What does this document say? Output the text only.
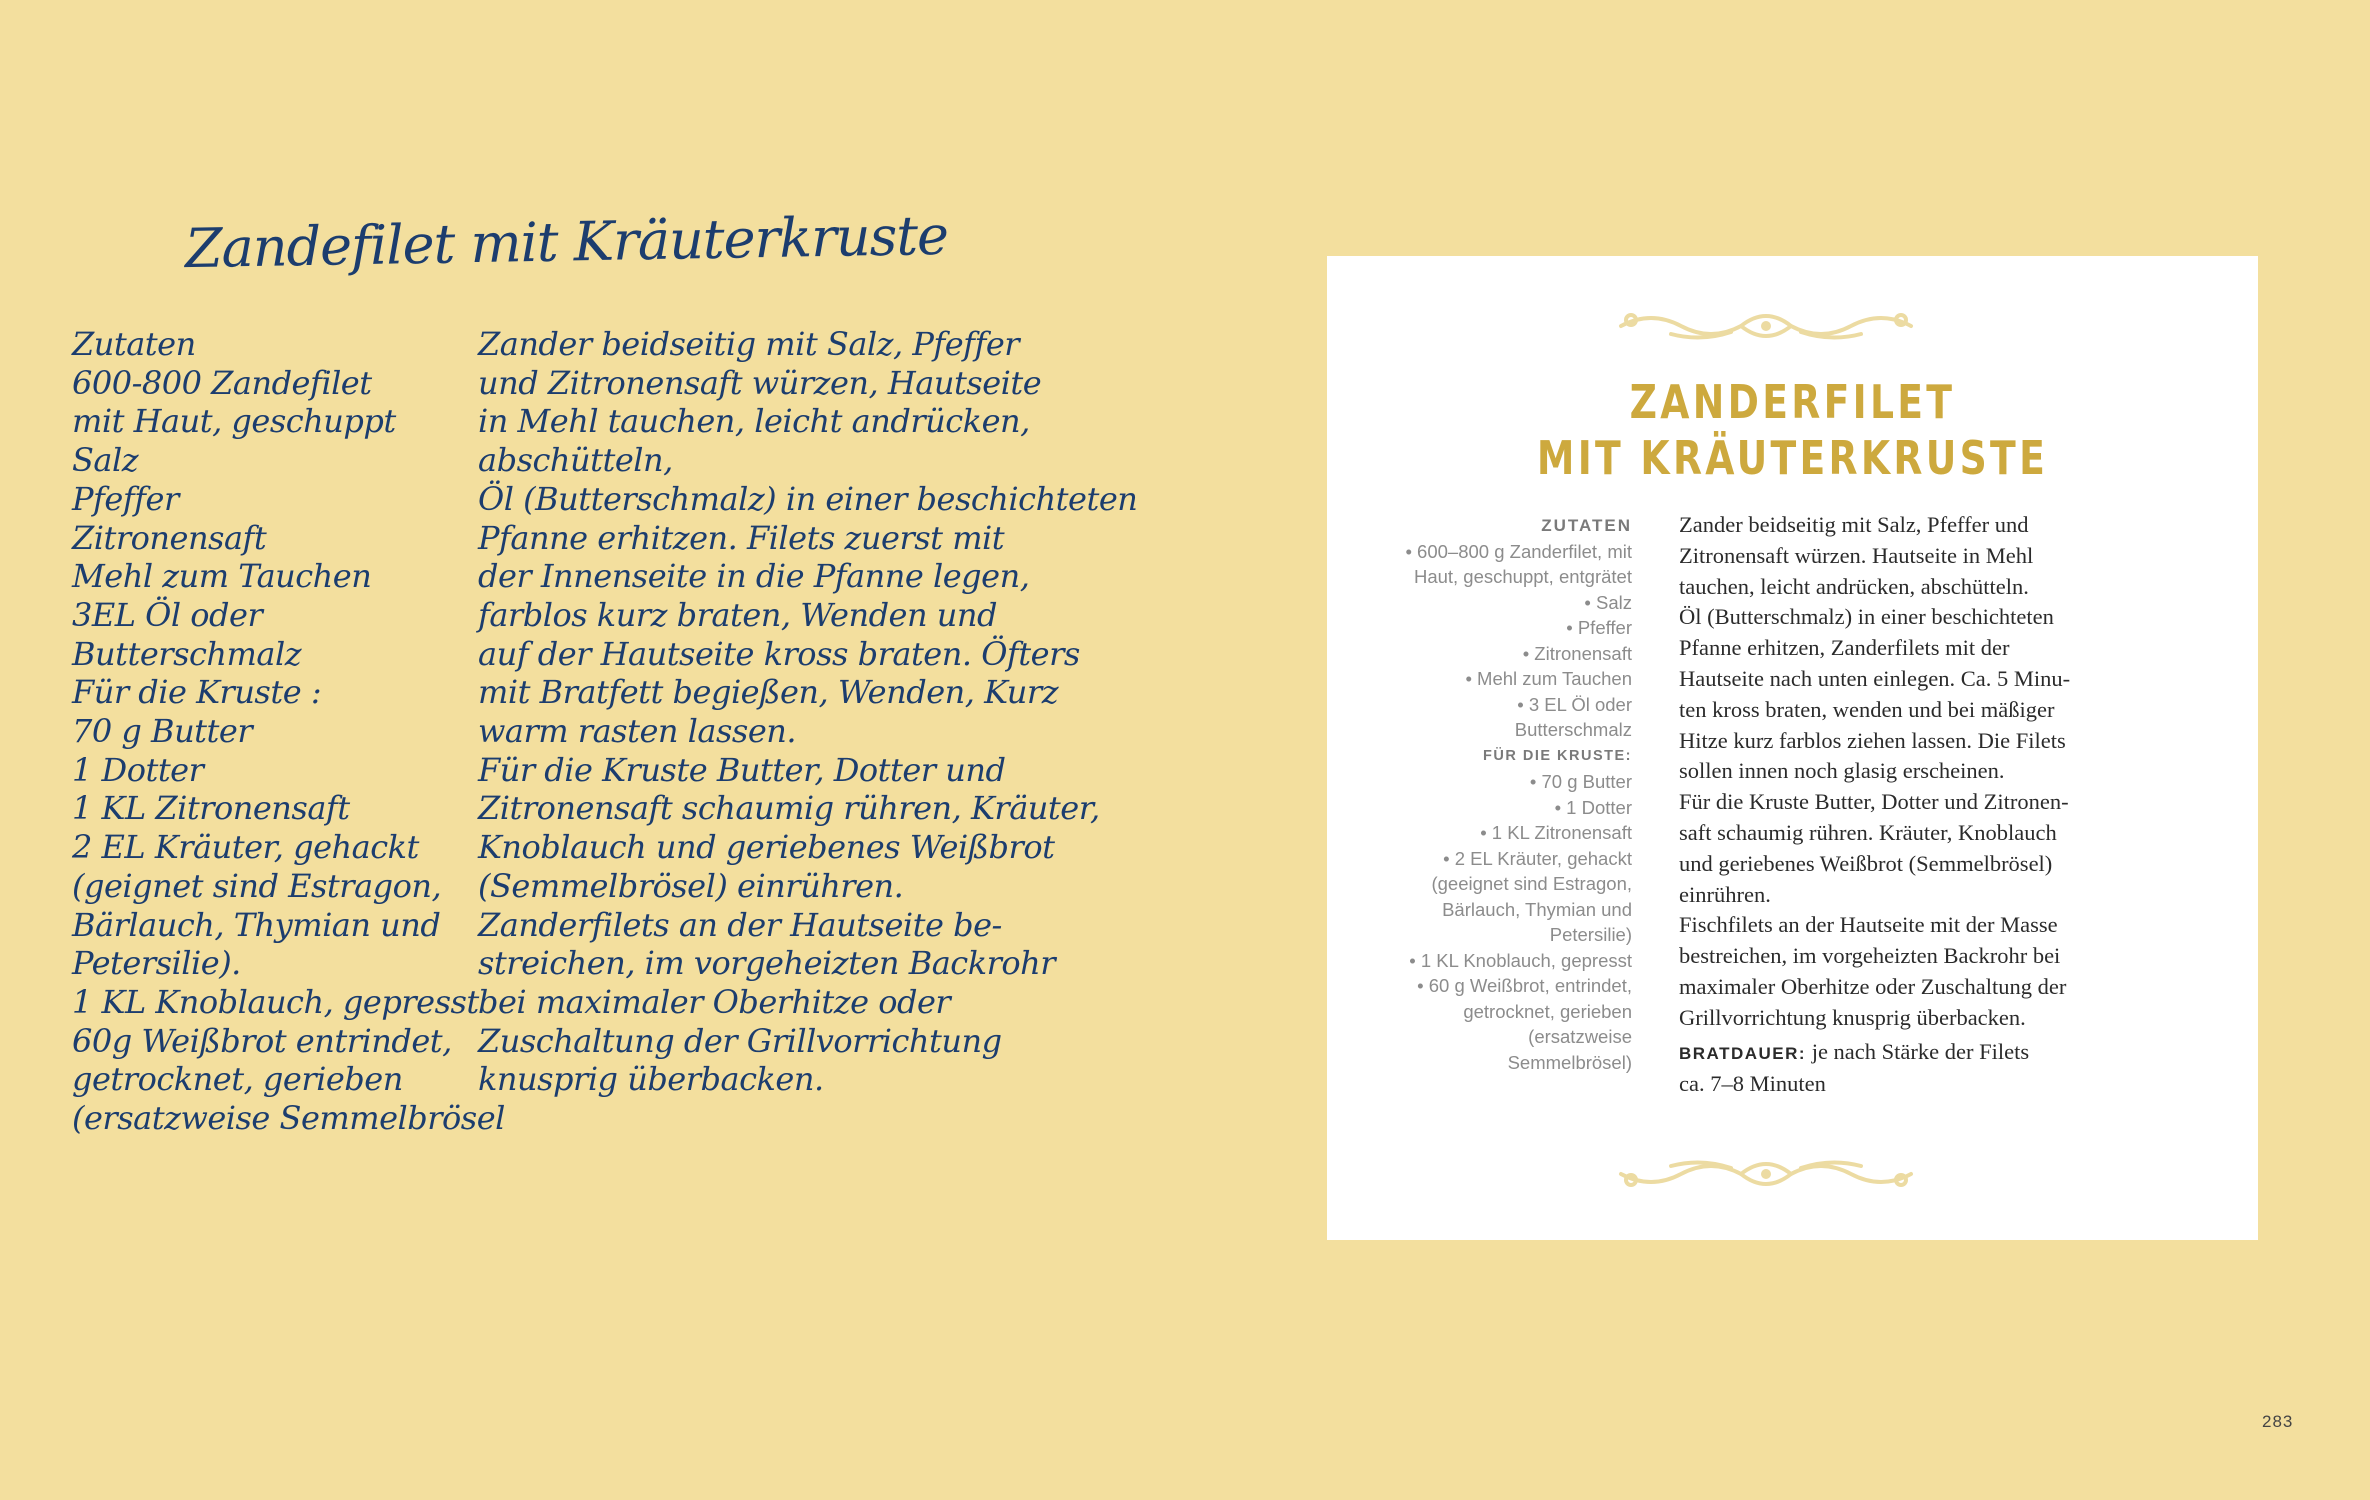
Zandefilet mit Kräuterkruste
Zutaten
600-800 Zandefilet
mit Haut, geschuppt
Salz
Pfeffer
Zitronensaft
Mehl zum Tauchen
3EL Öl oder
Butterschmalz
Für die Kruste :
70 g Butter
1 Dotter
1 KL Zitronensaft
2 EL Kräuter, gehackt
(geignet sind Estragon,
Bärlauch, Thymian und
Petersilie).
1 KL Knoblauch, gepresst
60g Weißbrot entrindet,
getrocknet, gerieben
(ersatzweise Semmelbrösel
Zander beidseitig mit Salz, Pfeffer
und Zitronensaft würzen, Hautseite
in Mehl tauchen, leicht andrücken,
abschütteln,
Öl (Butterschmalz) in einer beschichteten
Pfanne erhitzen. Filets zuerst mit
der Innenseite in die Pfanne legen,
farblos kurz braten, Wenden und
auf der Hautseite kross braten. Öfters
mit Bratfett begießen, Wenden, Kurz
warm rasten lassen.
Für die Kruste Butter, Dotter und
Zitronensaft schaumig rühren, Kräuter,
Knoblauch und geriebenes Weißbrot
(Semmelbrösel) einrühren.
Zanderfilets an der Hautseite be-
streichen, im vorgeheizten Backrohr
bei maximaler Oberhitze oder
Zuschaltung der Grillvorrichtung
knusprig überbacken.
ZANDERFILET
MIT KRÄUTERKRUSTE
ZUTATEN
• 600–800 g Zanderfilet, mit
Haut, geschuppt, entgrätet
• Salz
• Pfeffer
• Zitronensaft
• Mehl zum Tauchen
• 3 EL Öl oder
Butterschmalz
FÜR DIE KRUSTE:
• 70 g Butter
• 1 Dotter
• 1 KL Zitronensaft
• 2 EL Kräuter, gehackt
(geeignet sind Estragon,
Bärlauch, Thymian und
Petersilie)
• 1 KL Knoblauch, gepresst
• 60 g Weißbrot, entrindet,
getrocknet, gerieben
(ersatzweise
Semmelbrösel)
Zander beidseitig mit Salz, Pfeffer und
Zitronensaft würzen. Hautseite in Mehl
tauchen, leicht andrücken, abschütteln.
Öl (Butterschmalz) in einer beschichteten
Pfanne erhitzen, Zanderfilets mit der
Hautseite nach unten einlegen. Ca. 5 Minu-
ten kross braten, wenden und bei mäßiger
Hitze kurz farblos ziehen lassen. Die Filets
sollen innen noch glasig erscheinen.
Für die Kruste Butter, Dotter und Zitronen-
saft schaumig rühren. Kräuter, Knoblauch
und geriebenes Weißbrot (Semmelbrösel)
einrühren.
Fischfilets an der Hautseite mit der Masse
bestreichen, im vorgeheizten Backrohr bei
maximaler Oberhitze oder Zuschaltung der
Grillvorrichtung knusprig überbacken.
BRATDAUER: je nach Stärke der Filets
ca. 7–8 Minuten
283
